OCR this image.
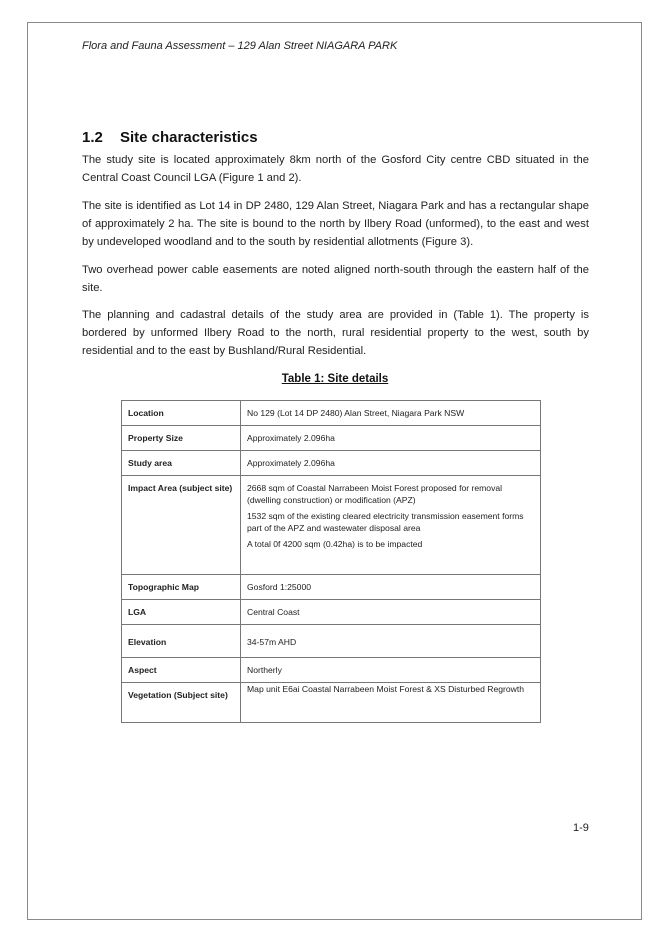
Flora and Fauna Assessment – 129 Alan Street NIAGARA PARK
1.2 Site characteristics

The study site is located approximately 8km north of the Gosford City centre CBD situated in the Central Coast Council LGA (Figure 1 and 2).

The site is identified as Lot 14 in DP 2480, 129 Alan Street, Niagara Park and has a rectangular shape of approximately 2 ha. The site is bound to the north by Ilbery Road (unformed), to the east and west by undeveloped woodland and to the south by residential allotments (Figure 3).

Two overhead power cable easements are noted aligned north-south through the eastern half of the site.

The planning and cadastral details of the study area are provided in (Table 1). The property is bordered by unformed Ilbery Road to the north, rural residential property to the west, south by residential and to the east by Bushland/Rural Residential.

Table 1: Site details
Location	No 129 (Lot 14 DP 2480) Alan Street, Niagara Park NSW
Property Size	Approximately 2.096ha
Study area	Approximately 2.096ha
Impact Area (subject site)	2668 sqm of Coastal Narrabeen Moist Forest proposed for removal (dwelling construction) or modification (APZ)

1532 sqm of the existing cleared electricity transmission easement forms part of the APZ and wastewater disposal area

A total 0f 4200 sqm (0.42ha) is to be impacted

Topographic Map	Gosford 1:25000
LGA	Central Coast
Elevation	34-57m AHD
Aspect	Northerly
Vegetation (Subject site)	Map unit E6ai Coastal Narrabeen Moist Forest & XS Disturbed Regrowth
1-9
